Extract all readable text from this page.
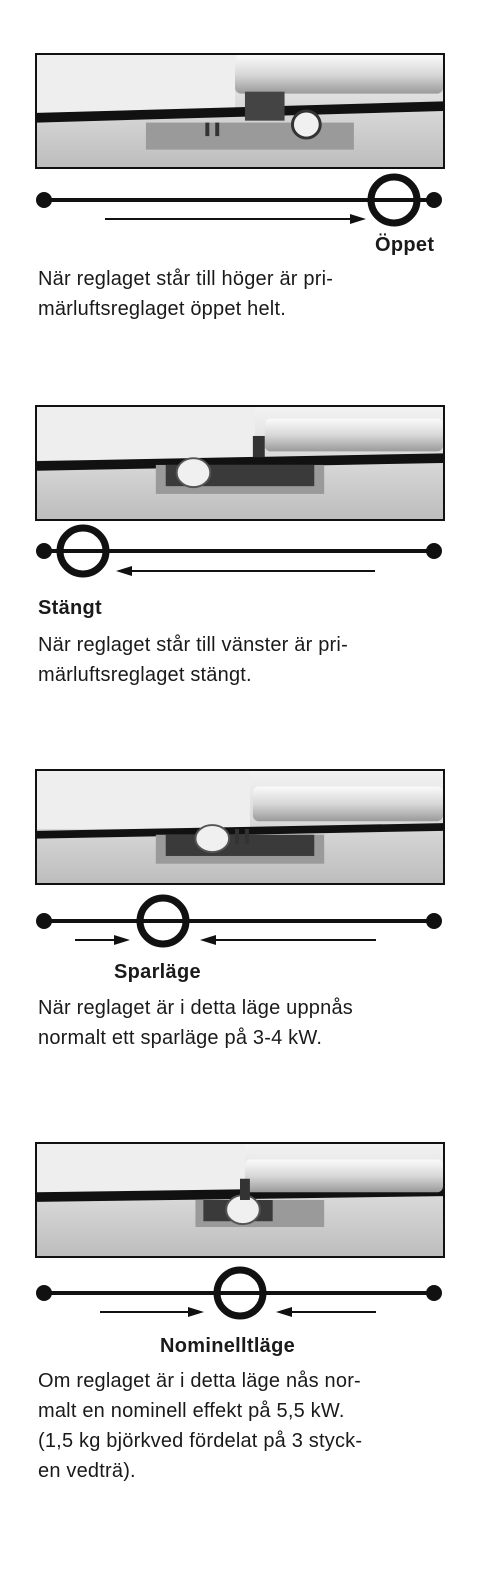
Öppet
När reglaget står till höger är pri-
märluftsreglaget öppet helt.
Stängt
När reglaget står till vänster är pri-
märluftsreglaget stängt.
Sparläge
När reglaget är i detta läge uppnås
normalt ett sparläge på 3-4 kW.
Nominelltläge
Om reglaget är i detta läge nås nor-
malt en nominell effekt på 5,5 kW.
(1,5 kg björkved fördelat på 3 styck-
en vedträ).
